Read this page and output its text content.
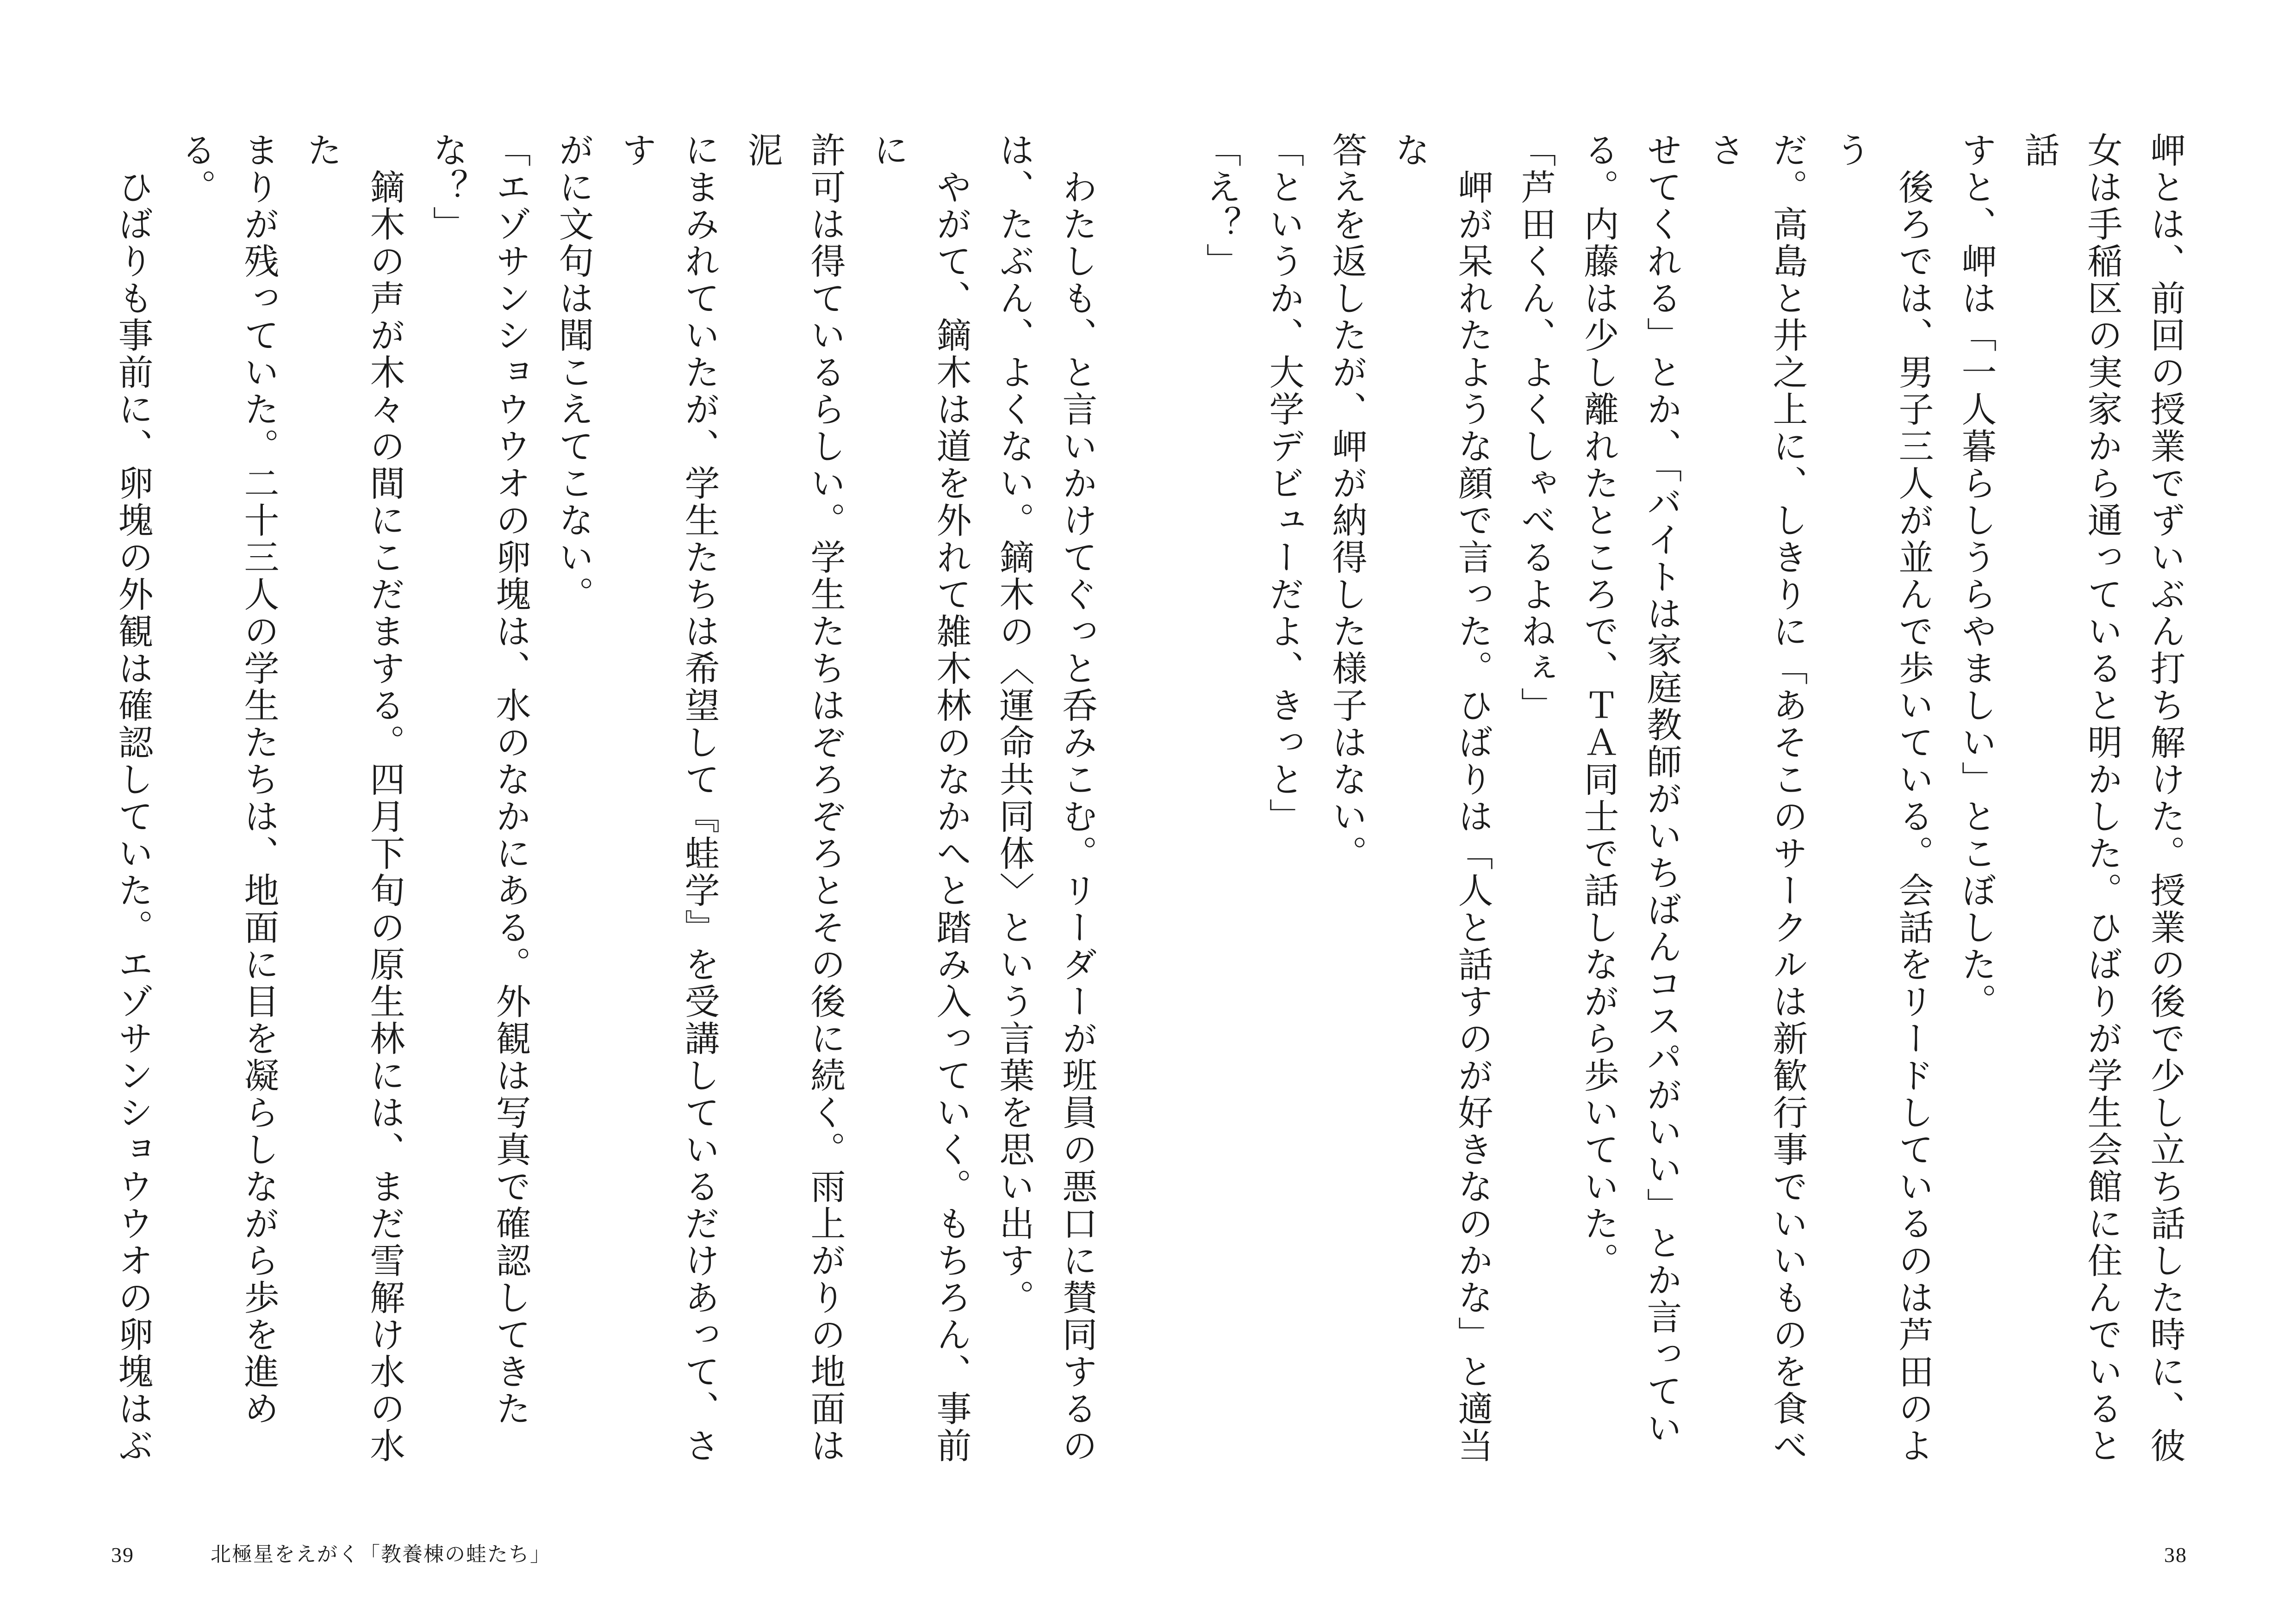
岬とは、前回の授業でずいぶん打ち解けた。授業の後で少し立ち話した時に、彼

女は手稲区の実家から通っていると明かした。ひばりが学生会館に住んでいると話

すと、岬は「一人暮らしうらやましい」とこぼした。

　後ろでは、男子三人が並んで歩いている。会話をリードしているのは芦田のよう

だ。高島と井之上に、しきりに「あそこのサークルは新歓行事でいいものを食べさ

せてくれる」とか、「バイトは家庭教師がいちばんコスパがいい」とか言ってい

る。内藤は少し離れたところで、ＴＡ同士で話しながら歩いていた。

「芦田くん、よくしゃべるよねぇ」

　岬が呆れたような顔で言った。ひばりは「人と話すのが好きなのかな」と適当な

答えを返したが、岬が納得した様子はない。

「というか、大学デビューだよ、きっと」

「え？」

　わたしも、と言いかけてぐっと呑みこむ。リーダーが班員の悪口に賛同するの

は、たぶん、よくない。鏑木の〈運命共同体〉という言葉を思い出す。

　やがて、鏑木は道を外れて雑木林のなかへと踏み入っていく。もちろん、事前に

許可は得ているらしい。学生たちはぞろぞろとその後に続く。雨上がりの地面は泥

にまみれていたが、学生たちは希望して『蛙学』を受講しているだけあって、さす

がに文句は聞こえてこない。

「エゾサンショウウオの卵塊は、水のなかにある。外観は写真で確認してきた

な？」

　鏑木の声が木々の間にこだまする。四月下旬の原生林には、まだ雪解け水の水た

まりが残っていた。二十三人の学生たちは、地面に目を凝らしながら歩を進める。

　ひばりも事前に、卵塊の外観は確認していた。エゾサンショウウオの卵塊はぶ

39	北極星をえがく「教養棟の蛙たち」	38
